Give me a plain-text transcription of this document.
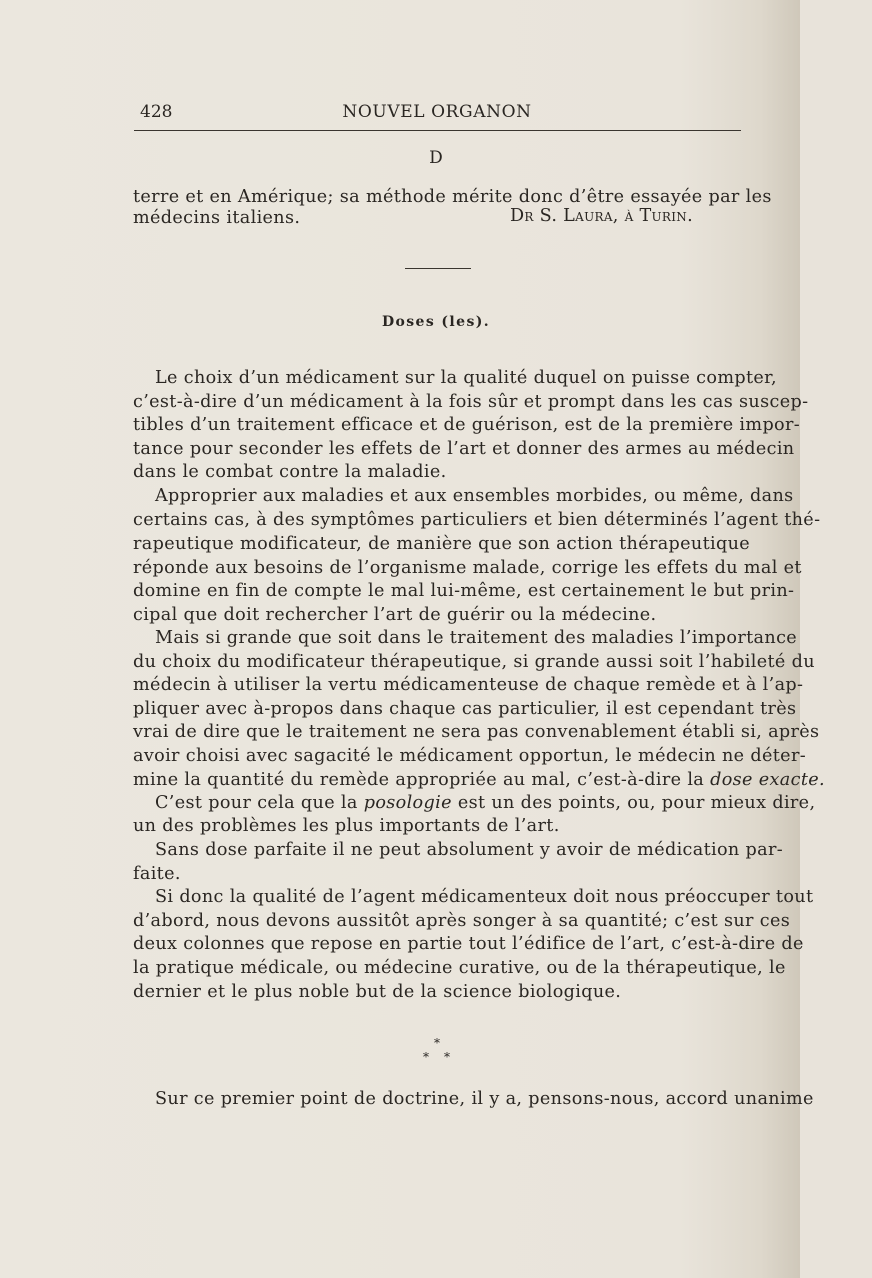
428	NOUVEL ORGANON
D

terre et en Amérique; sa méthode mérite donc d’être essayée par les

médecins italiens.	Dr S. Laura, à Turin.
Doses (les).

Le choix d’un médicament sur la qualité duquel on puisse compter,

c’est-à-dire d’un médicament à la fois sûr et prompt dans les cas suscep-

tibles d’un traitement efficace et de guérison, est de la première impor-

tance pour seconder les effets de l’art et donner des armes au médecin

dans le combat contre la maladie.

Approprier aux maladies et aux ensembles morbides, ou même, dans

certains cas, à des symptômes particuliers et bien déterminés l’agent thé-

rapeutique modificateur, de manière que son action thérapeutique

réponde aux besoins de l’organisme malade, corrige les effets du mal et

domine en fin de compte le mal lui-même, est certainement le but prin-

cipal que doit rechercher l’art de guérir ou la médecine.

Mais si grande que soit dans le traitement des maladies l’importance

du choix du modificateur thérapeutique, si grande aussi soit l’habileté du

médecin à utiliser la vertu médicamenteuse de chaque remède et à l’ap-

pliquer avec à-propos dans chaque cas particulier, il est cependant très

vrai de dire que le traitement ne sera pas convenablement établi si, après

avoir choisi avec sagacité le médicament opportun, le médecin ne déter-

mine la quantité du remède appropriée au mal, c’est-à-dire la dose exacte.

C’est pour cela que la posologie est un des points, ou, pour mieux dire,

un des problèmes les plus importants de l’art.

Sans dose parfaite il ne peut absolument y avoir de médication par-

faite.

Si donc la qualité de l’agent médicamenteux doit nous préoccuper tout

d’abord, nous devons aussitôt après songer à sa quantité; c’est sur ces

deux colonnes que repose en partie tout l’édifice de l’art, c’est-à-dire de

la pratique médicale, ou médecine curative, ou de la thérapeutique, le

dernier et le plus noble but de la science biologique.

*
* *

Sur ce premier point de doctrine, il y a, pensons-nous, accord unanime
